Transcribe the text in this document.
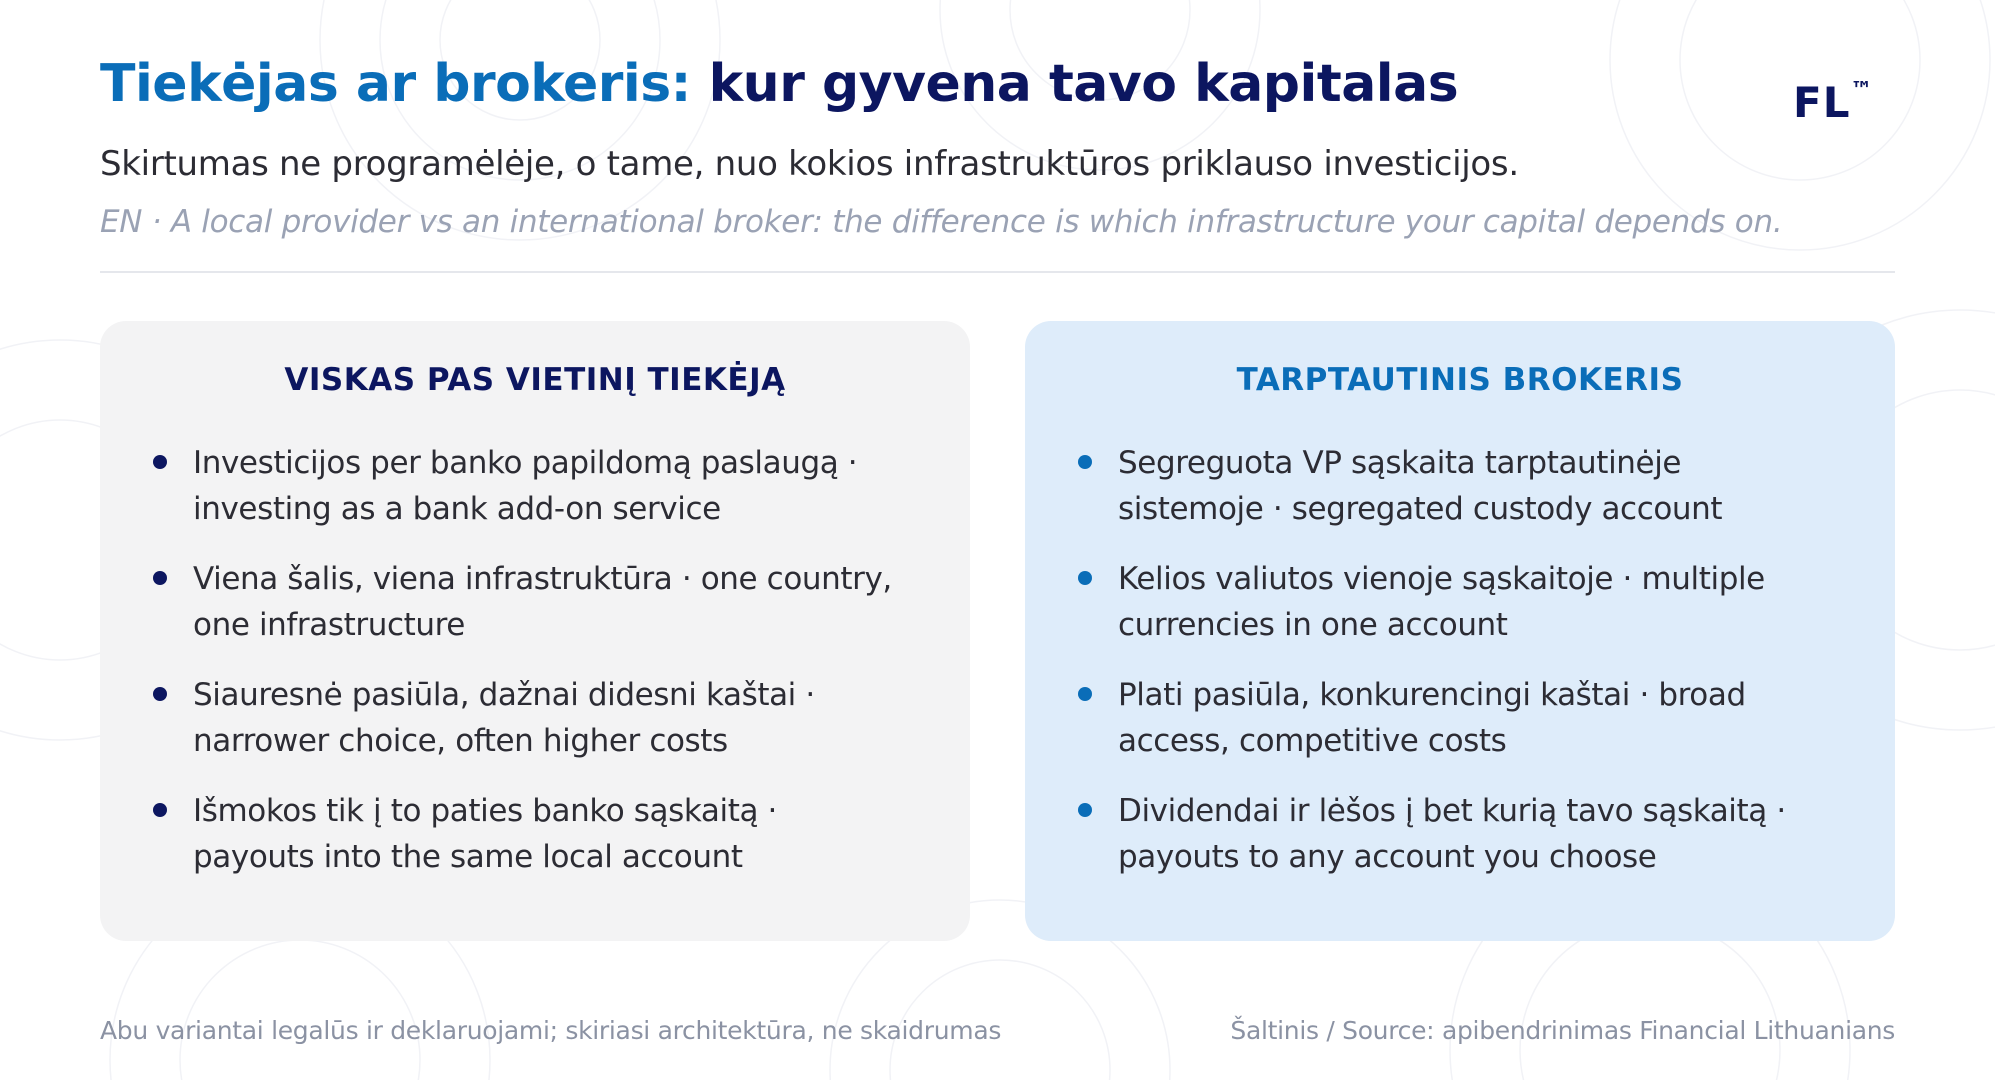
Tiekėjas ar brokeris: kur gyvena tavo kapitalas	FL™

Skirtumas ne programėlėje, o tame, nuo kokios infrastruktūros priklauso investicijos.

EN · A local provider vs an international broker: the difference is which infrastructure your capital depends on.

VISKAS PAS VIETINĮ TIEKĖJĄ
Investicijos per banko papildomą paslaugą ·
investing as a bank add-on service
Viena šalis, viena infrastruktūra · one country,
one infrastructure
Siauresnė pasiūla, dažnai didesni kaštai ·
narrower choice, often higher costs
Išmokos tik į to paties banko sąskaitą ·
payouts into the same local account
TARPTAUTINIS BROKERIS
Segreguota VP sąskaita tarptautinėje
sistemoje · segregated custody account
Kelios valiutos vienoje sąskaitoje · multiple
currencies in one account
Plati pasiūla, konkurencingi kaštai · broad
access, competitive costs
Dividendai ir lėšos į bet kurią tavo sąskaitą ·
payouts to any account you choose

Abu variantai legalūs ir deklaruojami; skiriasi architektūra, ne skaidrumas	Šaltinis / Source: apibendrinimas Financial Lithuanians
